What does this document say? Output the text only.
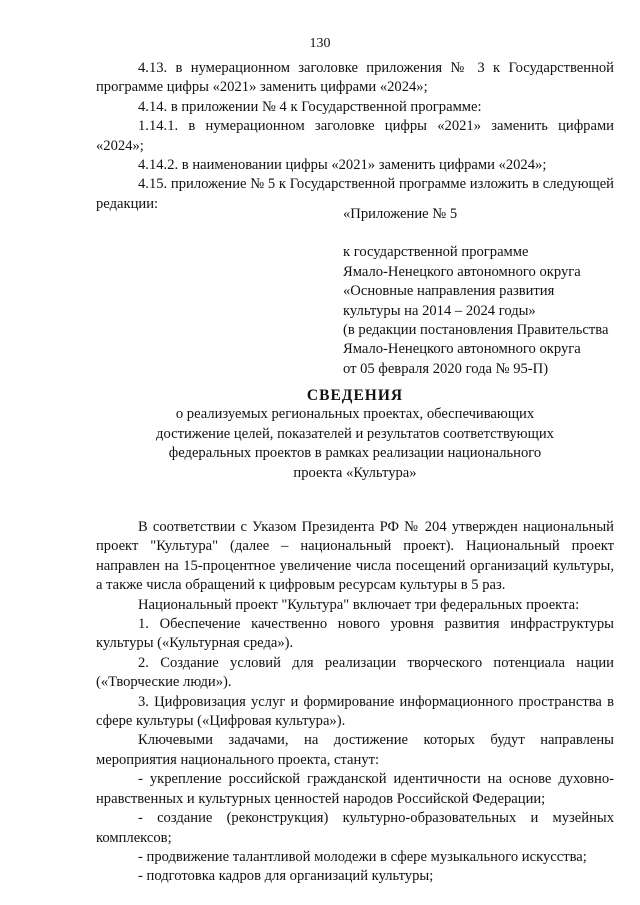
130

4.13. в нумерационном заголовке приложения № 3 к Государственной программе цифры «2021» заменить цифрами «2024»;

4.14. в приложении № 4 к Государственной программе:

1.14.1. в нумерационном заголовке цифры «2021» заменить цифрами «2024»;

4.14.2. в наименовании цифры «2021» заменить цифрами «2024»;

4.15. приложение № 5 к Государственной программе изложить в следующей редакции:

«Приложение № 5

к государственной программе

Ямало-Ненецкого автономного округа

«Основные направления развития

культуры на 2014 – 2024 годы»

(в редакции постановления Правительства

Ямало-Ненецкого автономного округа

от 05 февраля 2020 года № 95-П)

СВЕДЕНИЯ

о реализуемых региональных проектах, обеспечивающих

достижение целей, показателей и результатов соответствующих

федеральных проектов в рамках реализации национального

проекта «Культура»

В соответствии с Указом Президента РФ № 204 утвержден национальный проект "Культура" (далее – национальный проект). Национальный проект направлен на 15-процентное увеличение числа посещений организаций культуры, а также числа обращений к цифровым ресурсам культуры в 5 раз.

Национальный проект "Культура" включает три федеральных проекта:

1. Обеспечение качественно нового уровня развития инфраструктуры культуры («Культурная среда»).

2. Создание условий для реализации творческого потенциала нации («Творческие люди»).

3. Цифровизация услуг и формирование информационного пространства в сфере культуры («Цифровая культура»).

Ключевыми задачами, на достижение которых будут направлены мероприятия национального проекта, станут:

- укрепление российской гражданской идентичности на основе духовно-нравственных и культурных ценностей народов Российской Федерации;

- создание (реконструкция) культурно-образовательных и музейных комплексов;

- продвижение талантливой молодежи в сфере музыкального искусства;

- подготовка кадров для организаций культуры;
